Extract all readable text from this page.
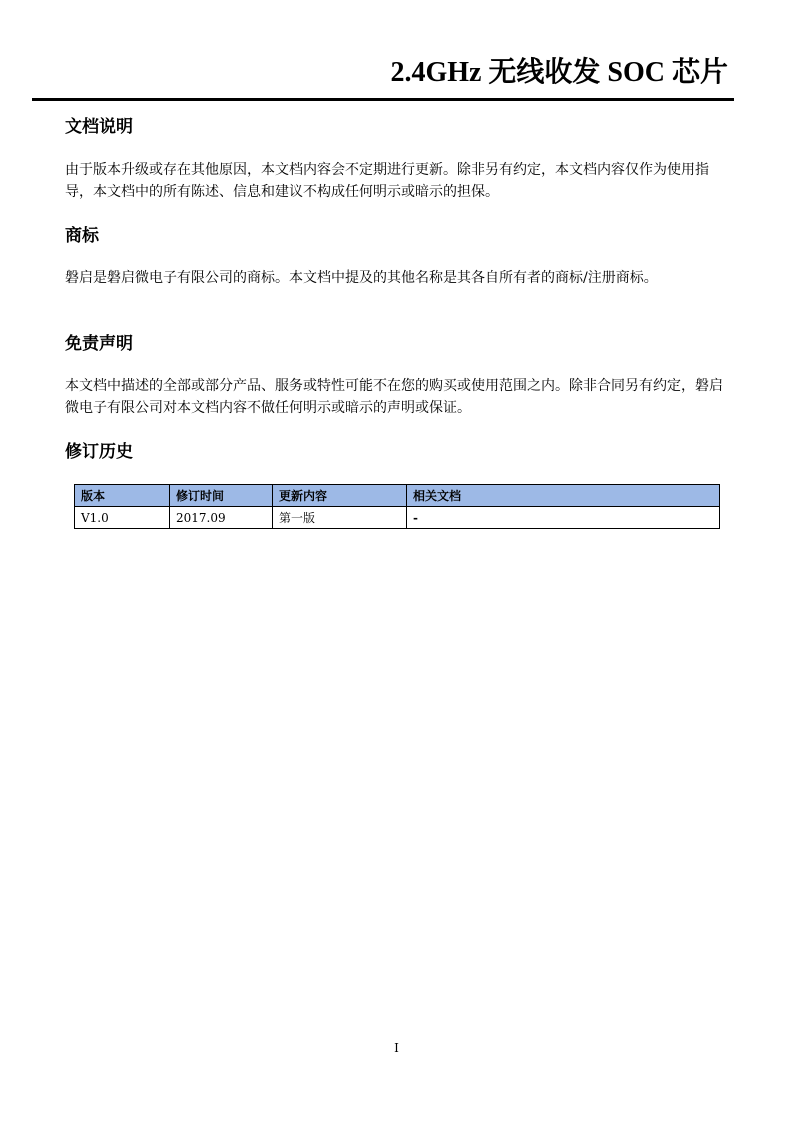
2.4GHz 无线收发 SOC 芯片
文档说明

由于版本升级或存在其他原因，本文档内容会不定期进行更新。除非另有约定，本文档内容仅作为使用指导，本文档中的所有陈述、信息和建议不构成任何明示或暗示的担保。

商标

磐启是磐启微电子有限公司的商标。本文档中提及的其他名称是其各自所有者的商标/注册商标。

免责声明

本文档中描述的全部或部分产品、服务或特性可能不在您的购买或使用范围之内。除非合同另有约定，磐启微电子有限公司对本文档内容不做任何明示或暗示的声明或保证。

修订历史
版本	修订时间	更新内容	相关文档
V1.0	2017.09	第一版	-
I
